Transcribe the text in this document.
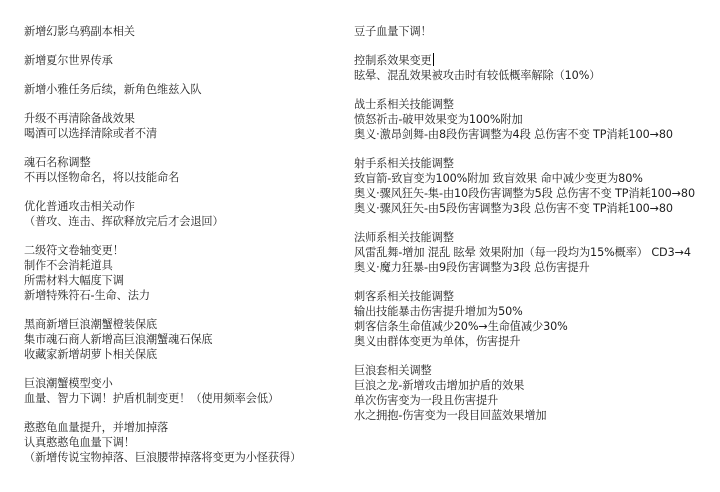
新增幻影乌鸦副本相关
新增夏尔世界传承
新增小雅任务后续，新角色维兹入队
升级不再清除备战效果
喝酒可以选择清除或者不清
魂石名称调整
不再以怪物命名，将以技能命名
优化普通攻击相关动作
（普攻、连击、挥砍释放完后才会退回）
二级符文卷轴变更！
制作不会消耗道具
所需材料大幅度下调
新增特殊符石-生命、法力
黑商新增巨浪潮蟹橙装保底
集市魂石商人新增高巨浪潮蟹魂石保底
收藏家新增胡萝卜相关保底
巨浪潮蟹模型变小
血量、智力下调！护盾机制变更！（使用频率会低）
憨憨龟血量提升，并增加掉落
认真憨憨龟血量下调！
（新增传说宝物掉落、巨浪腰带掉落将变更为小怪获得）
豆子血量下调！
控制系效果变更
眩晕、混乱效果被攻击时有较低概率解除（10%）
战士系相关技能调整
愤怒祈击-破甲效果变为100%附加
奥义·激昂剑舞-由8段伤害调整为4段 总伤害不变 TP消耗100→80
射手系相关技能调整
致盲箭-致盲变为100%附加 致盲效果 命中减少变更为80%
奥义·骤风狂矢-集-由10段伤害调整为5段 总伤害不变 TP消耗100→80
奥义·骤风狂矢-由5段伤害调整为3段 总伤害不变 TP消耗100→80
法师系相关技能调整
风雷乱舞-增加 混乱 眩晕 效果附加（每一段均为15%概率） CD3→4
奥义·魔力狂暴-由9段伤害调整为3段 总伤害提升
刺客系相关技能调整
输出技能暴击伤害提升增加为50%
刺客信条生命值减少20%→生命值减少30%
奥义由群体变更为单体，伤害提升
巨浪套相关调整
巨浪之龙-新增攻击增加护盾的效果
单次伤害变为一段且伤害提升
水之拥抱-伤害变为一段目回蓝效果增加
